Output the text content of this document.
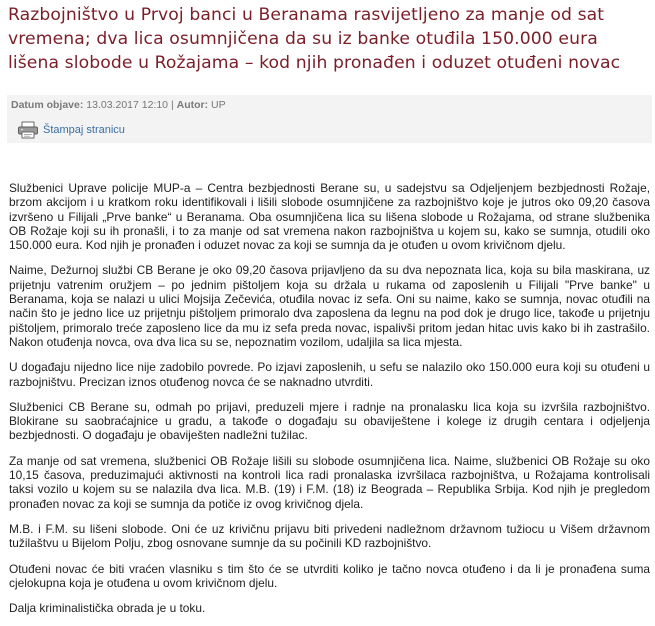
Razbojništvo u Prvoj banci u Beranama rasvijetljeno za manje od sat vremena; dva lica osumnjičena da su iz banke otuđila 150.000 eura lišena slobode u Rožajama – kod njih pronađen i oduzet otuđeni novac
Datum objave: 13.03.2017 12:10 | Autor: UP
Štampaj stranicu

Službenici Uprave policije MUP-a – Centra bezbjednosti Berane su, u sadejstvu sa Odjeljenjem bezbjednosti Rožaje, brzom akcijom i u kratkom roku identifikovali i lišili slobode osumnjičene za razbojništvo koje je jutros oko 09,20 časova izvršeno u Filijali „Prve banke“ u Beranama. Oba osumnjičena lica su lišena slobode u Rožajama, od strane službenika OB Rožaje koji su ih pronašli, i to za manje od sat vremena nakon razbojništva u kojem su, kako se sumnja, otudili oko 150.000 eura. Kod njih je pronađen i oduzet novac za koji se sumnja da je otuđen u ovom krivičnom djelu.

Naime, Dežurnoj službi CB Berane je oko 09,20 časova prijavljeno da su dva nepoznata lica, koja su bila maskirana, uz prijetnju vatrenim oružjem – po jednim pištoljem koja su držala u rukama od zaposlenih u Filijali "Prve banke" u Beranama, koja se nalazi u ulici Mojsija Zečevića, otuđila novac iz sefa. Oni su naime, kako se sumnja, novac otuđili na način što je jedno lice uz prijetnju pištoljem primoralo dva zaposlena da legnu na pod dok je drugo lice, takođe u prijetnju pištoljem, primoralo treće zaposleno lice da mu iz sefa preda novac, ispalivši pritom jedan hitac uvis kako bi ih zastrašilo. Nakon otuđenja novca, ova dva lica su se, nepoznatim vozilom, udaljila sa lica mjesta.

U događaju nijedno lice nije zadobilo povrede. Po izjavi zaposlenih, u sefu se nalazilo oko 150.000 eura koji su otuđeni u razbojništvu. Precizan iznos otuđenog novca će se naknadno utvrditi.

Službenici CB Berane su, odmah po prijavi, preduzeli mjere i radnje na pronalasku lica koja su izvršila razbojništvo. Blokirane su saobraćajnice u gradu, a takođe o događaju su obaviještene i kolege iz drugih centara i odjeljenja bezbjednosti. O događaju je obaviješten nadležni tužilac.

Za manje od sat vremena, službenici OB Rožaje lišili su slobode osumnjičena lica. Naime, službenici OB Rožaje su oko 10,15 časova, preduzimajući aktivnosti na kontroli lica radi pronalaska izvršilaca razbojništva, u Rožajama kontrolisali taksi vozilo u kojem su se nalazila dva lica. M.B. (19) i F.M. (18) iz Beograda – Republika Srbija. Kod njih je pregledom pronađen novac za koji se sumnja da potiče iz ovog krivičnog djela.

M.B. i F.M. su lišeni slobode. Oni će uz krivičnu prijavu biti privedeni nadležnom državnom tužiocu u Višem državnom tužilaštvu u Bijelom Polju, zbog osnovane sumnje da su počinili KD razbojništvo.

Otuđeni novac će biti vraćen vlasniku s tim što će se utvrditi koliko je tačno novca otuđeno i da li je pronađena suma cjelokupna koja je otuđena u ovom krivičnom djelu.

Dalja kriminalistička obrada je u toku.
